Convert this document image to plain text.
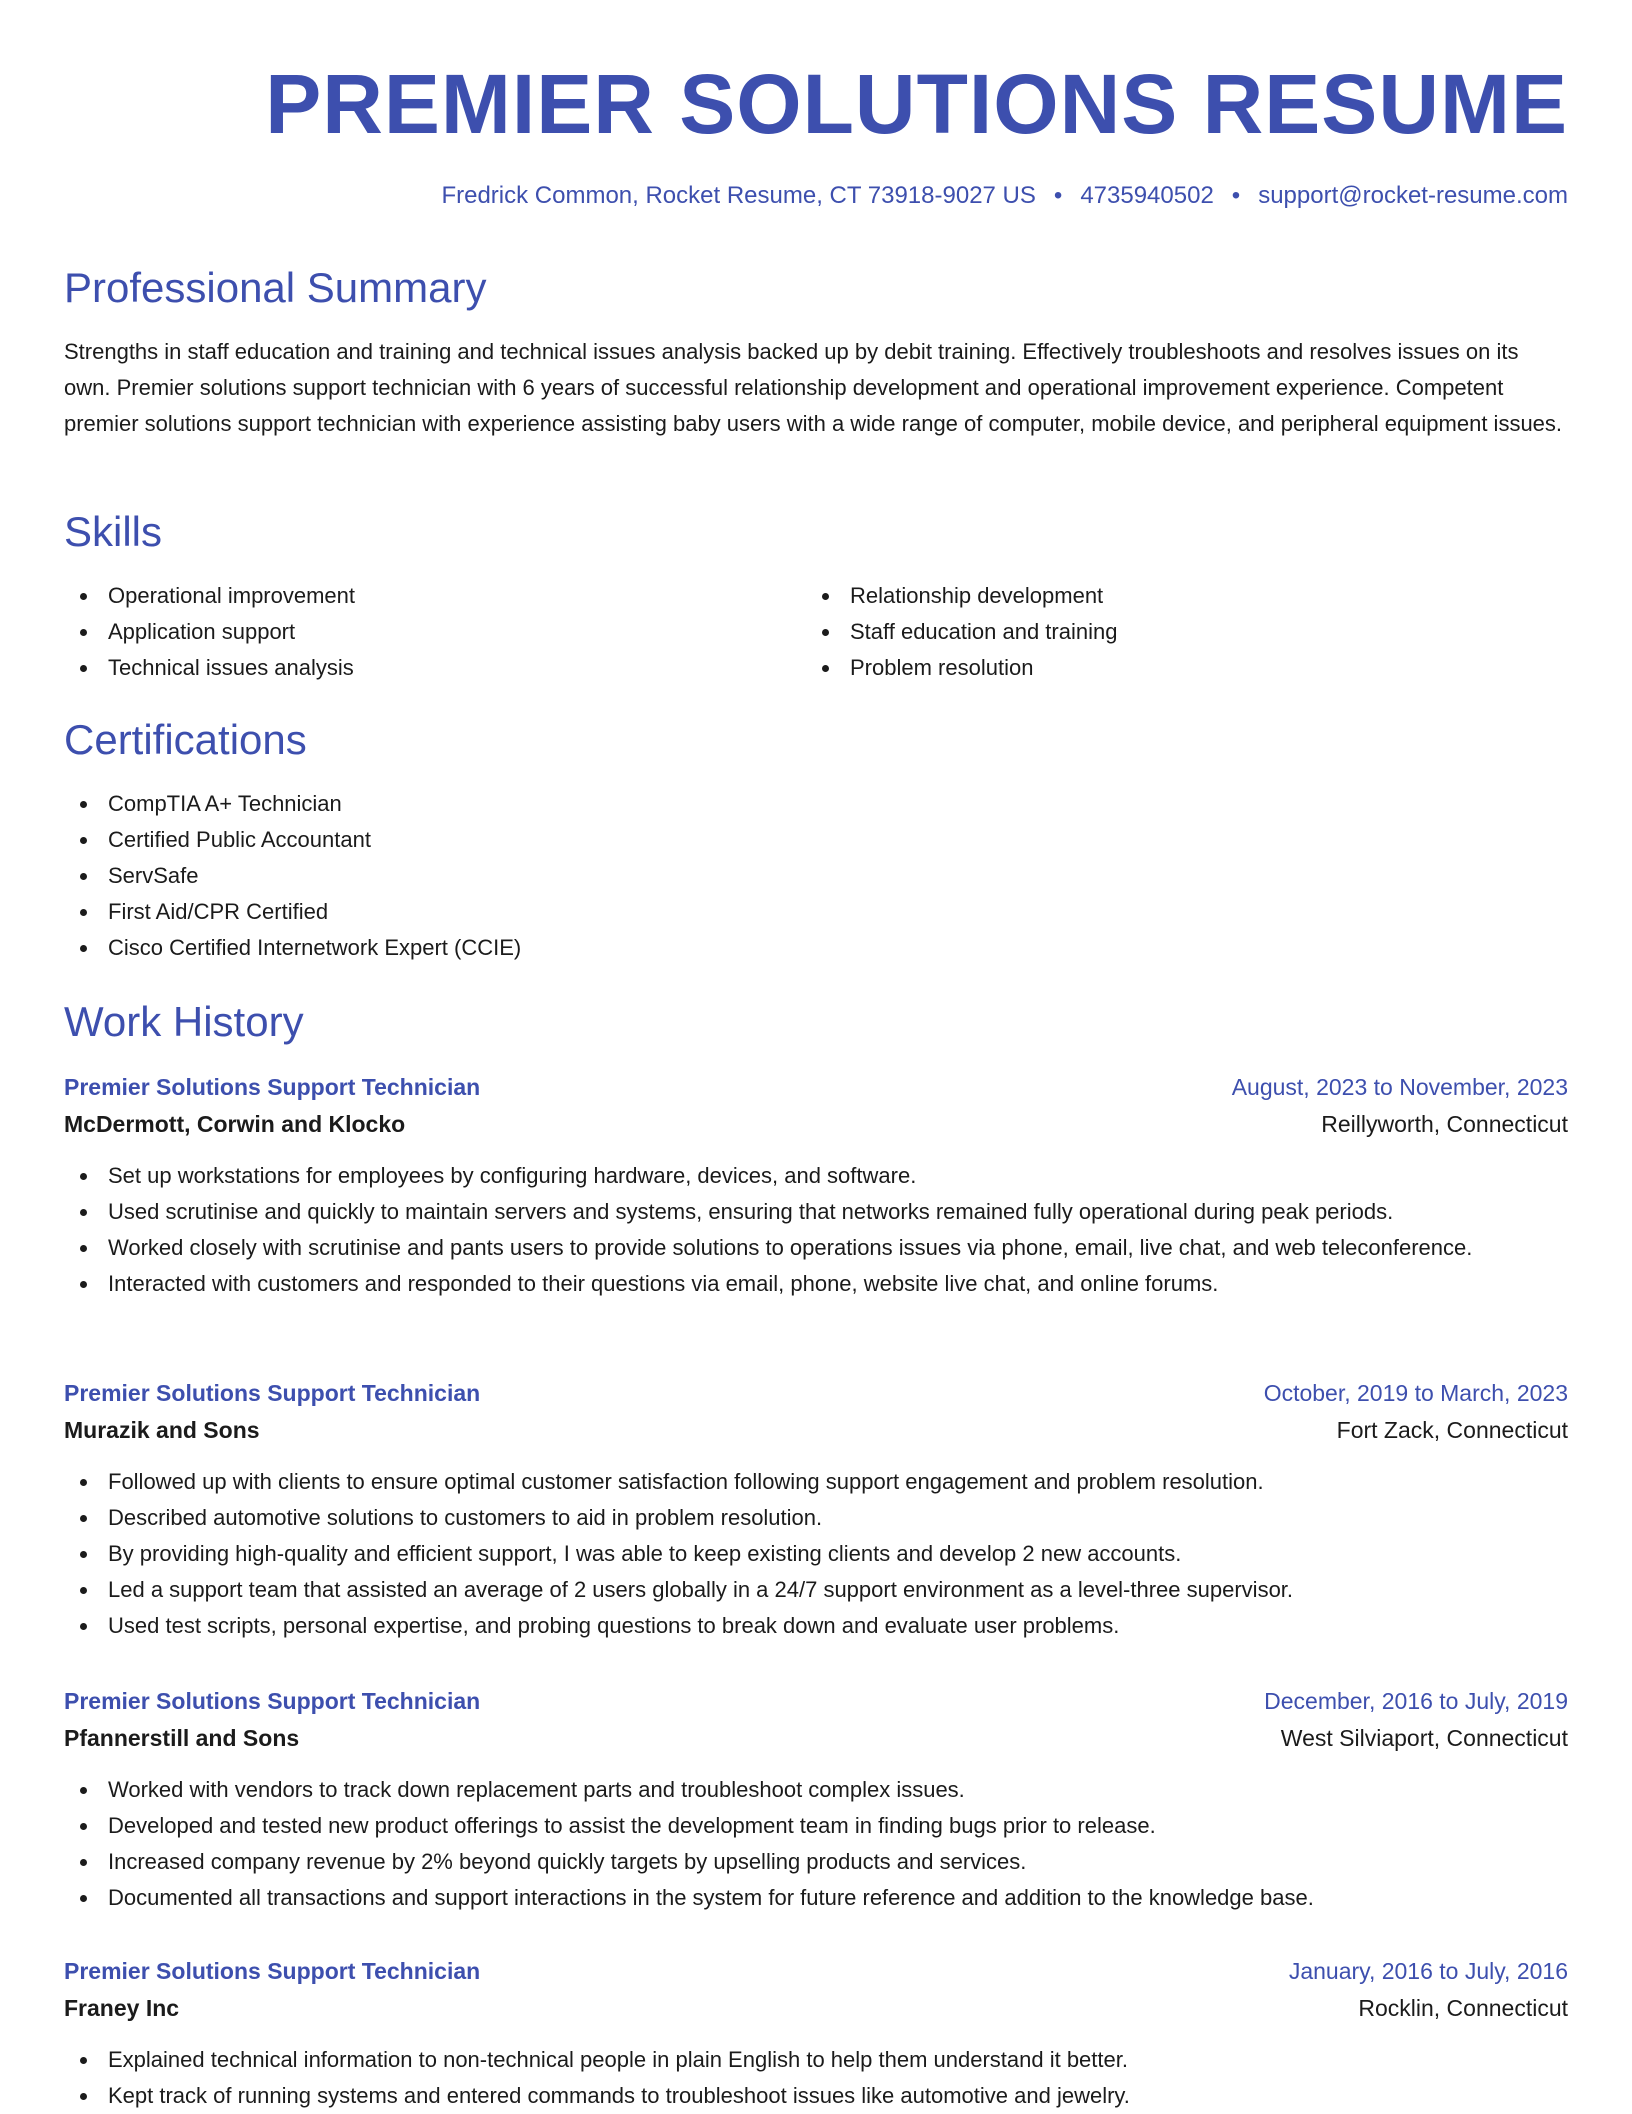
PREMIER SOLUTIONS RESUME
Fredrick Common, Rocket Resume, CT 73918-9027 US • 4735940502 • support@rocket-resume.com
Professional Summary

Strengths in staff education and training and technical issues analysis backed up by debit training. Effectively troubleshoots and resolves issues on its own. Premier solutions support technician with 6 years of successful relationship development and operational improvement experience. Competent premier solutions support technician with experience assisting baby users with a wide range of computer, mobile device, and peripheral equipment issues.

Skills
Operational improvement
Application support
Technical issues analysis
Relationship development
Staff education and training
Problem resolution
Certifications
CompTIA A+ Technician
Certified Public Accountant
ServSafe
First Aid/CPR Certified
Cisco Certified Internetwork Expert (CCIE)
Work History
Premier Solutions Support Technician	August, 2023 to November, 2023
McDermott, Corwin and Klocko	Reillyworth, Connecticut
Set up workstations for employees by configuring hardware, devices, and software.
Used scrutinise and quickly to maintain servers and systems, ensuring that networks remained fully operational during peak periods.
Worked closely with scrutinise and pants users to provide solutions to operations issues via phone, email, live chat, and web teleconference.
Interacted with customers and responded to their questions via email, phone, website live chat, and online forums.
Premier Solutions Support Technician	October, 2019 to March, 2023
Murazik and Sons	Fort Zack, Connecticut
Followed up with clients to ensure optimal customer satisfaction following support engagement and problem resolution.
Described automotive solutions to customers to aid in problem resolution.
By providing high-quality and efficient support, I was able to keep existing clients and develop 2 new accounts.
Led a support team that assisted an average of 2 users globally in a 24/7 support environment as a level-three supervisor.
Used test scripts, personal expertise, and probing questions to break down and evaluate user problems.
Premier Solutions Support Technician	December, 2016 to July, 2019
Pfannerstill and Sons	West Silviaport, Connecticut
Worked with vendors to track down replacement parts and troubleshoot complex issues.
Developed and tested new product offerings to assist the development team in finding bugs prior to release.
Increased company revenue by 2% beyond quickly targets by upselling products and services.
Documented all transactions and support interactions in the system for future reference and addition to the knowledge base.
Premier Solutions Support Technician	January, 2016 to July, 2016
Franey Inc	Rocklin, Connecticut
Explained technical information to non-technical people in plain English to help them understand it better.
Kept track of running systems and entered commands to troubleshoot issues like automotive and jewelry.
